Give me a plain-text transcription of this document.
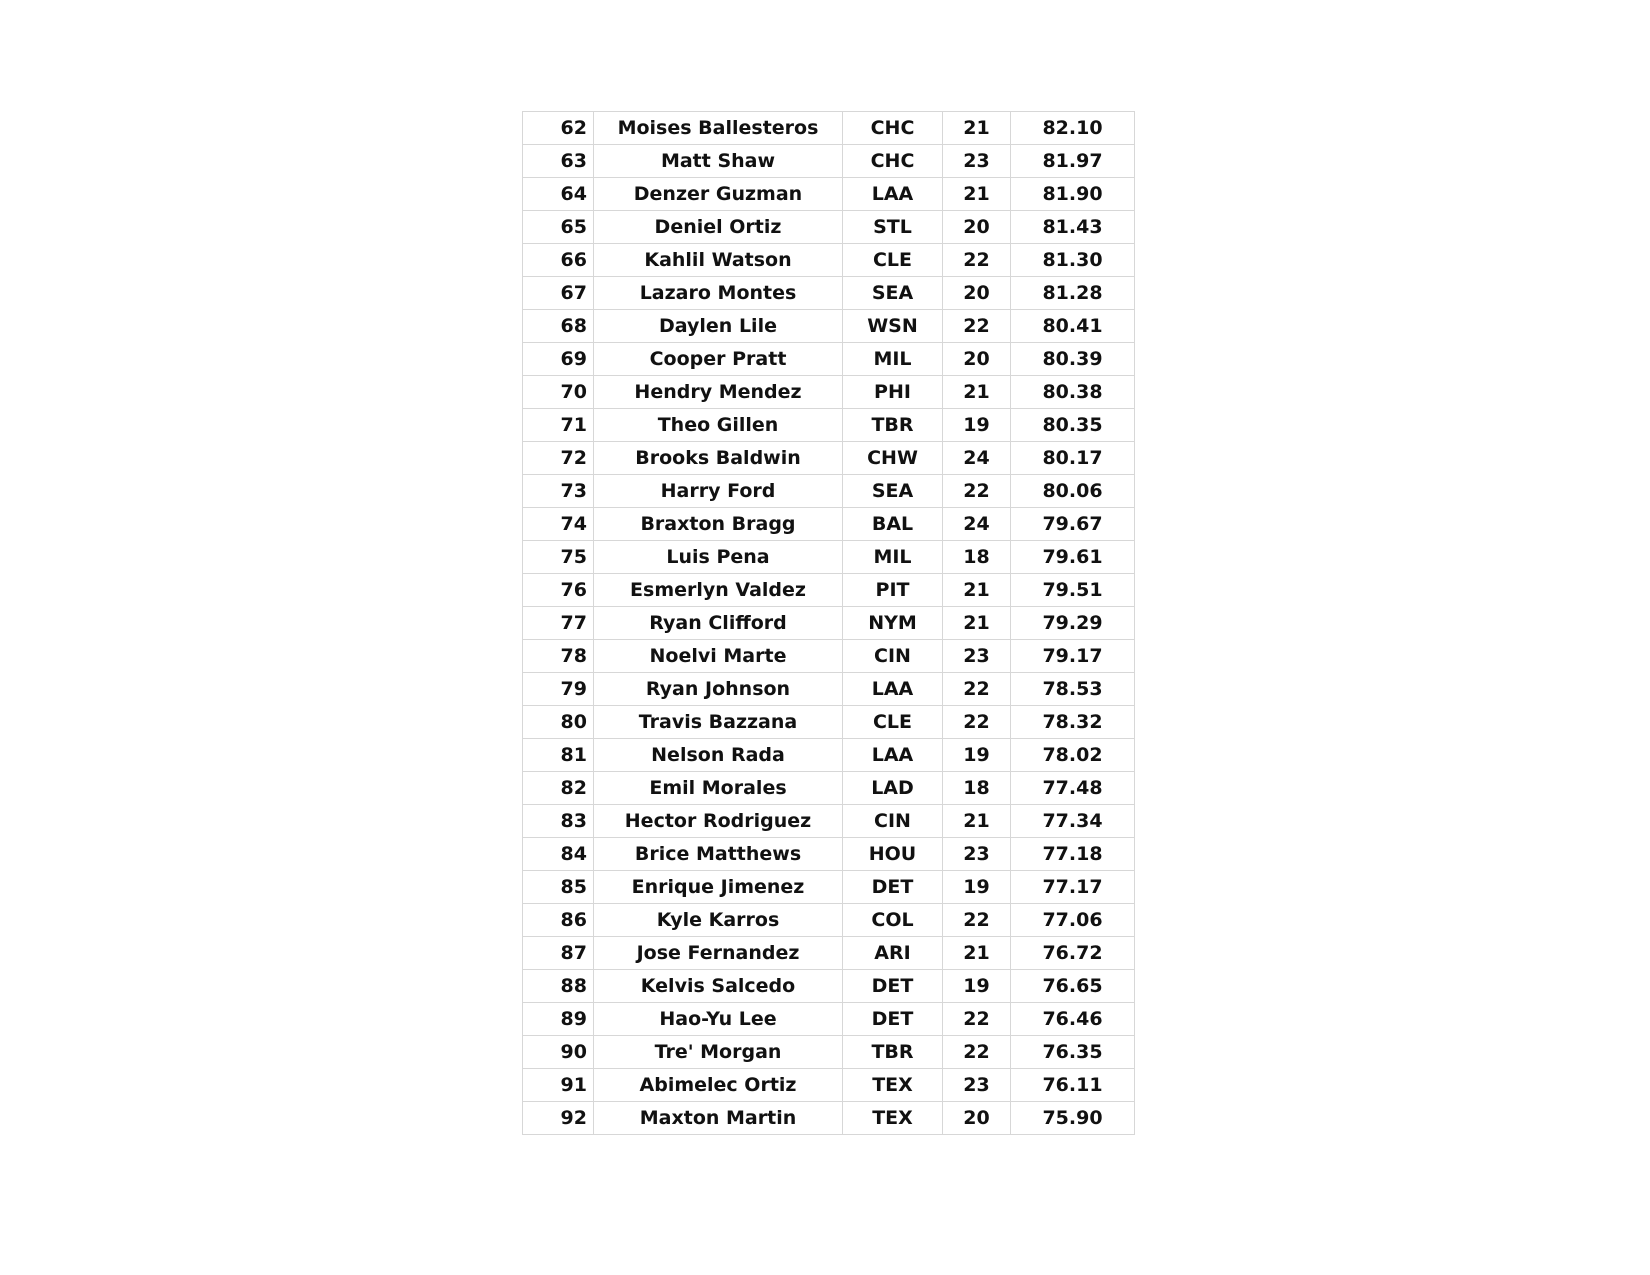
62	Moises Ballesteros	CHC	21	82.10
63	Matt Shaw	CHC	23	81.97
64	Denzer Guzman	LAA	21	81.90
65	Deniel Ortiz	STL	20	81.43
66	Kahlil Watson	CLE	22	81.30
67	Lazaro Montes	SEA	20	81.28
68	Daylen Lile	WSN	22	80.41
69	Cooper Pratt	MIL	20	80.39
70	Hendry Mendez	PHI	21	80.38
71	Theo Gillen	TBR	19	80.35
72	Brooks Baldwin	CHW	24	80.17
73	Harry Ford	SEA	22	80.06
74	Braxton Bragg	BAL	24	79.67
75	Luis Pena	MIL	18	79.61
76	Esmerlyn Valdez	PIT	21	79.51
77	Ryan Clifford	NYM	21	79.29
78	Noelvi Marte	CIN	23	79.17
79	Ryan Johnson	LAA	22	78.53
80	Travis Bazzana	CLE	22	78.32
81	Nelson Rada	LAA	19	78.02
82	Emil Morales	LAD	18	77.48
83	Hector Rodriguez	CIN	21	77.34
84	Brice Matthews	HOU	23	77.18
85	Enrique Jimenez	DET	19	77.17
86	Kyle Karros	COL	22	77.06
87	Jose Fernandez	ARI	21	76.72
88	Kelvis Salcedo	DET	19	76.65
89	Hao-Yu Lee	DET	22	76.46
90	Tre' Morgan	TBR	22	76.35
91	Abimelec Ortiz	TEX	23	76.11
92	Maxton Martin	TEX	20	75.90
